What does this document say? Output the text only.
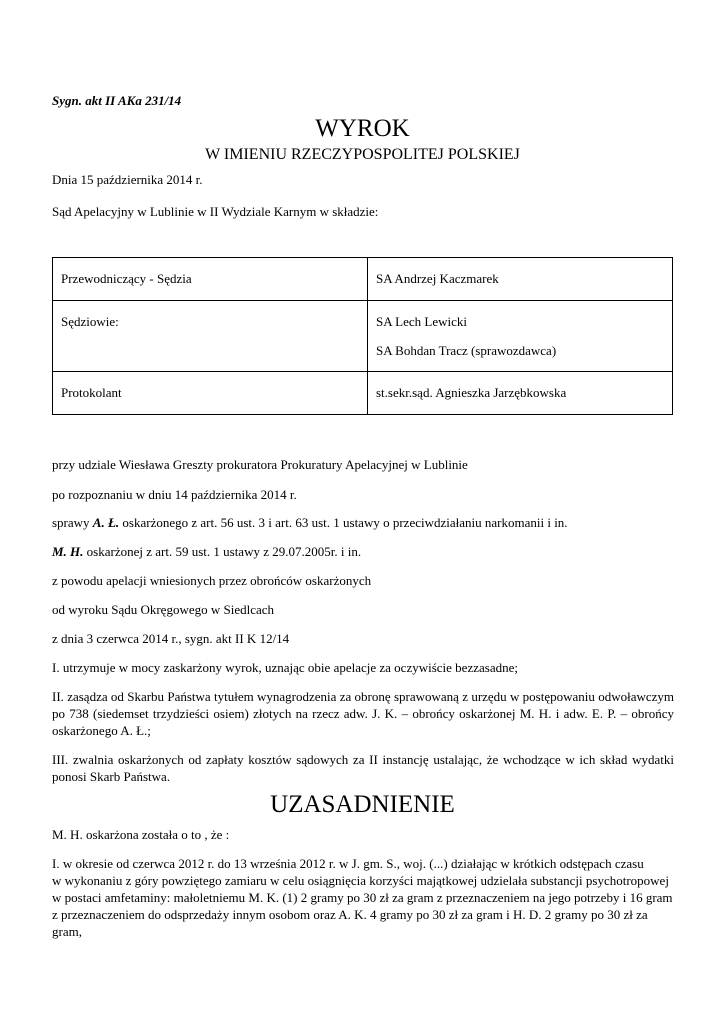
Sygn. akt II AKa 231/14
WYROK
W IMIENIU RZECZYPOSPOLITEJ POLSKIEJ
Dnia 15 października 2014 r.
Sąd Apelacyjny w Lublinie w II Wydziale Karnym w składzie:
Przewodniczący - Sędzia	SA Andrzej Kaczmarek

Sędziowie:	SA Lech Lewicki
SA Bohdan Tracz (sprawozdawca)

Protokolant	st.sekr.sąd. Agnieszka Jarzębkowska
przy udziale Wiesława Greszty prokuratora Prokuratury Apelacyjnej w Lublinie
po rozpoznaniu w dniu 14 października 2014 r.
sprawy A. Ł. oskarżonego z art. 56 ust. 3 i art. 63 ust. 1 ustawy o przeciwdziałaniu narkomanii i in.
M. H. oskarżonej z art. 59 ust. 1 ustawy z 29.07.2005r. i in.
z powodu apelacji wniesionych przez obrońców oskarżonych
od wyroku Sądu Okręgowego w Siedlcach
z dnia 3 czerwca 2014 r., sygn. akt II K 12/14
I. utrzymuje w mocy zaskarżony wyrok, uznając obie apelacje za oczywiście bezzasadne;
II. zasądza od Skarbu Państwa tytułem wynagrodzenia za obronę sprawowaną z urzędu w postępowaniu odwoławczym po 738 (siedemset trzydzieści osiem) złotych na rzecz adw. J. K. – obrońcy oskarżonej M. H. i adw. E. P. – obrońcy oskarżonego A. Ł.;
III. zwalnia oskarżonych od zapłaty kosztów sądowych za II instancję ustalając, że wchodzące w ich skład wydatki ponosi Skarb Państwa.
UZASADNIENIE
M. H. oskarżona została o to , że :
I. w okresie od czerwca 2012 r. do 13 września 2012 r. w J. gm. S., woj. (...) działając w krótkich odstępach czasu
w wykonaniu z góry powziętego zamiaru w celu osiągnięcia korzyści majątkowej udzielała substancji psychotropowej
w postaci amfetaminy: małoletniemu M. K. (1) 2 gramy po 30 zł za gram z przeznaczeniem na jego potrzeby i 16 gram
z przeznaczeniem do odsprzedaży innym osobom oraz A. K. 4 gramy po 30 zł za gram i H. D. 2 gramy po 30 zł za gram,
